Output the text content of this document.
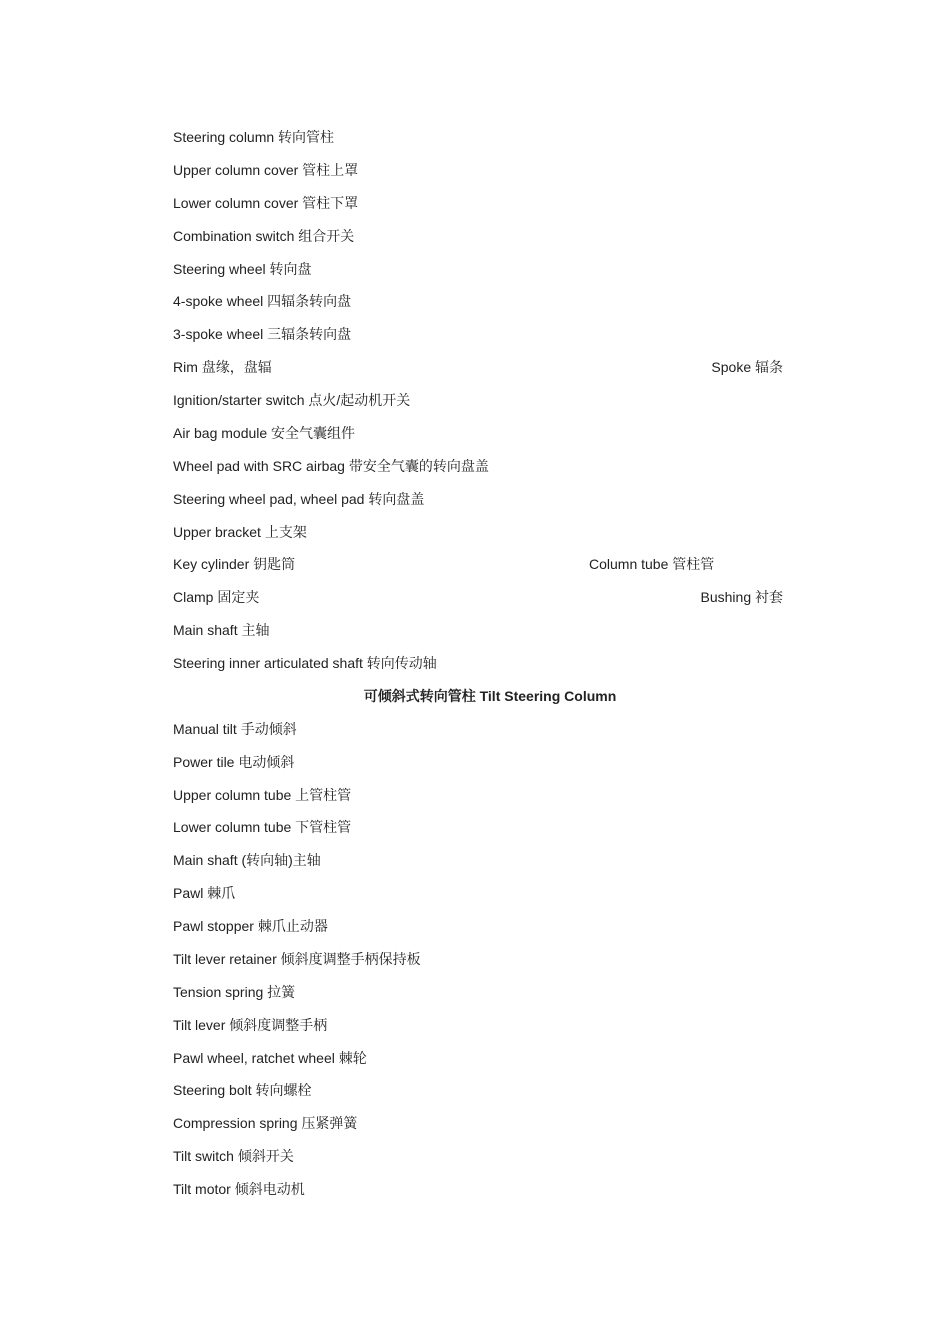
Steering column 转向管柱
Upper column cover 管柱上罩
Lower column cover 管柱下罩
Combination switch 组合开关
Steering wheel 转向盘
4-spoke wheel 四辐条转向盘
3-spoke wheel 三辐条转向盘
Rim 盘缘，盘辐	Spoke 辐条
Ignition/starter switch 点火/起动机开关
Air bag module 安全气囊组件
Wheel pad with SRC airbag 带安全气囊的转向盘盖
Steering wheel pad, wheel pad 转向盘盖
Upper bracket 上支架
Key cylinder 钥匙筒	Column tube 管柱管
Clamp 固定夹	Bushing 衬套
Main shaft 主轴
Steering inner articulated shaft 转向传动轴
可倾斜式转向管柱 Tilt Steering Column
Manual tilt 手动倾斜
Power tile 电动倾斜
Upper column tube 上管柱管
Lower column tube 下管柱管
Main shaft (转向轴)主轴
Pawl 棘爪
Pawl stopper 棘爪止动器
Tilt lever retainer 倾斜度调整手柄保持板
Tension spring 拉簧
Tilt lever 倾斜度调整手柄
Pawl wheel, ratchet wheel 棘轮
Steering bolt 转向螺栓
Compression spring 压紧弹簧
Tilt switch 倾斜开关
Tilt motor 倾斜电动机
